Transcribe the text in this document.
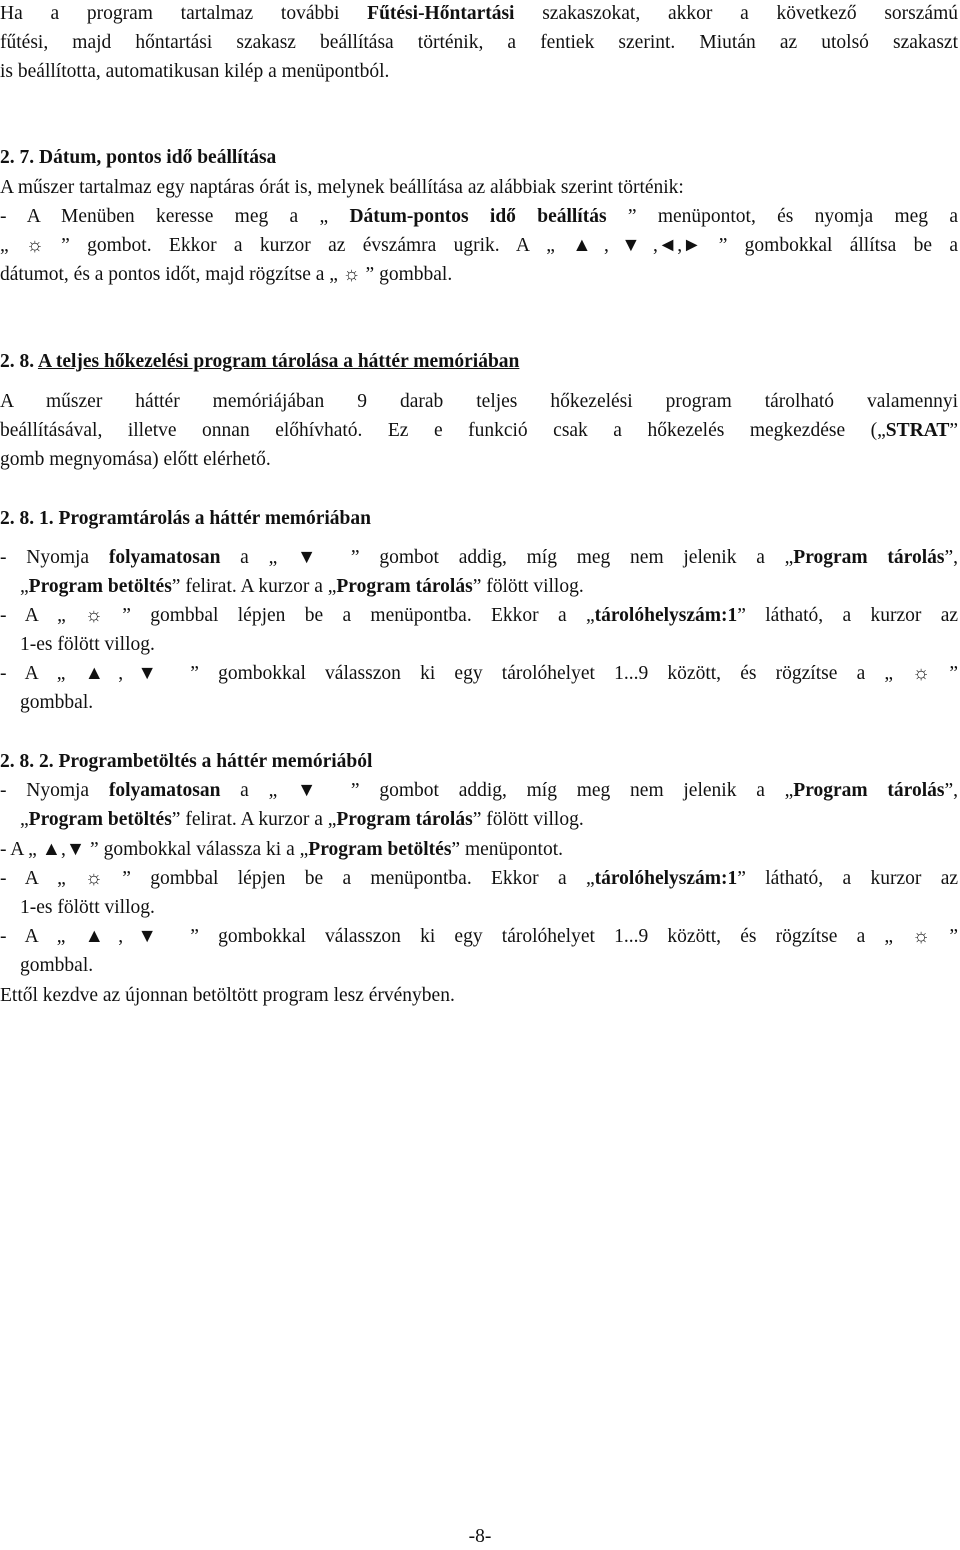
Ha a program tartalmaz további Fűtési-Hőntartási szakaszokat, akkor a következő sorszámú
fűtési, majd hőntartási szakasz beállítása történik, a fentiek szerint. Miután az utolsó szakaszt
is beállította, automatikusan kilép a menüpontból.
2. 7. Dátum, pontos idő beállítása
A műszer tartalmaz egy naptáras órát is, melynek beállítása az alábbiak szerint történik:
- A Menüben keresse meg a „ Dátum-pontos idő beállítás ” menüpontot, és nyomja meg a
„ ☼ ” gombot. Ekkor a kurzor az évszámra ugrik. A „ ▲,▼,◄,► ” gombokkal állítsa be a
dátumot, és a pontos időt, majd rögzítse a „ ☼ ” gombbal.
2. 8. A teljes hőkezelési program tárolása a háttér memóriában
A műszer háttér memóriájában 9 darab teljes hőkezelési program tárolható valamennyi
beállításával, illetve onnan előhívható. Ez e funkció csak a hőkezelés megkezdése („STRAT”
gomb megnyomása) előtt elérhető.
2. 8. 1. Programtárolás a háttér memóriában
- Nyomja folyamatosan a „ ▼ ” gombot addig, míg meg nem jelenik a „Program tárolás”,
„Program betöltés” felirat. A kurzor a „Program tárolás” fölött villog.
- A „ ☼ ” gombbal lépjen be a menüpontba. Ekkor a „tárolóhelyszám:1” látható, a kurzor az
1-es fölött villog.
- A „ ▲,▼ ” gombokkal válasszon ki egy tárolóhelyet 1...9 között, és rögzítse a „ ☼ ”
gombbal.
2. 8. 2. Programbetöltés a háttér memóriából
- Nyomja folyamatosan a „ ▼ ” gombot addig, míg meg nem jelenik a „Program tárolás”,
„Program betöltés” felirat. A kurzor a „Program tárolás” fölött villog.
- A „ ▲,▼ ” gombokkal válassza ki a „Program betöltés” menüpontot.
- A „ ☼ ” gombbal lépjen be a menüpontba. Ekkor a „tárolóhelyszám:1” látható, a kurzor az
1-es fölött villog.
- A „ ▲,▼ ” gombokkal válasszon ki egy tárolóhelyet 1...9 között, és rögzítse a „ ☼ ”
gombbal.
Ettől kezdve az újonnan betöltött program lesz érvényben.
-8-
